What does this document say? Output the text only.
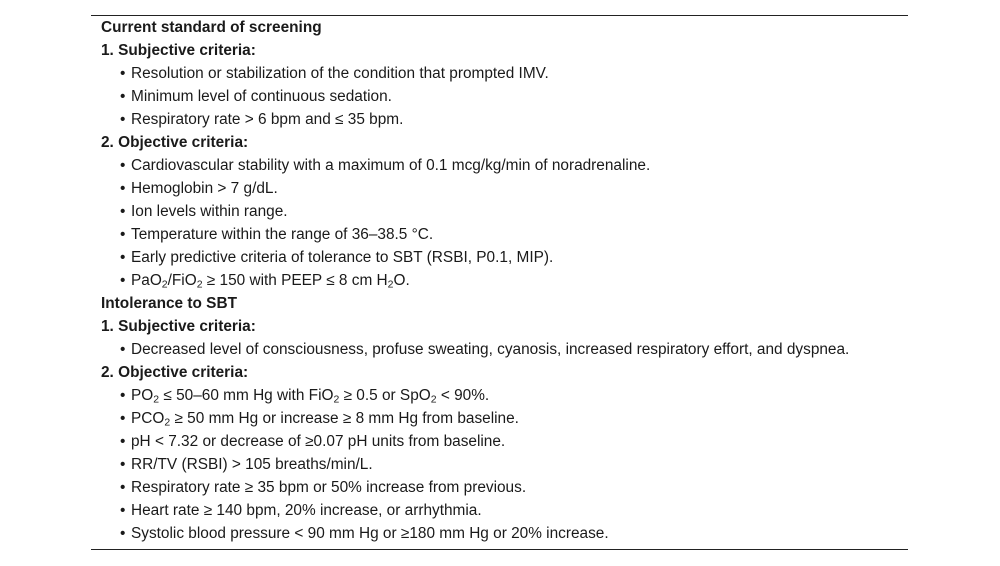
Current standard of screening
1. Subjective criteria:
• Resolution or stabilization of the condition that prompted IMV.
• Minimum level of continuous sedation.
• Respiratory rate > 6 bpm and ≤ 35 bpm.
2. Objective criteria:
• Cardiovascular stability with a maximum of 0.1 mcg/kg/min of noradrenaline.
• Hemoglobin > 7 g/dL.
• Ion levels within range.
• Temperature within the range of 36–38.5 °C.
• Early predictive criteria of tolerance to SBT (RSBI, P0.1, MIP).
• PaO$_2$/FiO$_2$ ≥ 150 with PEEP ≤ 8 cm $H_2O$.
Intolerance to SBT
1. Subjective criteria:
• Decreased level of consciousness, profuse sweating, cyanosis, increased respiratory effort, and dyspnea.
2. Objective criteria:
• $PO_2 \le 50-60$ mm Hg with FiO$_2$ ≥ 0.5 or SpO$_2$ < 90%.
• $PCO_2 \ge 50$ mm Hg or increase ≥ 8 mm Hg from baseline.
• pH < 7.32 or decrease of ≥0.07 pH units from baseline.
• RR/TV (RSBI) > 105 breaths/min/L.
• Respiratory rate ≥ 35 bpm or 50% increase from previous.
• Heart rate ≥ 140 bpm, 20% increase, or arrhythmia.
• Systolic blood pressure < 90 mm Hg or ≥180 mm Hg or 20% increase.
